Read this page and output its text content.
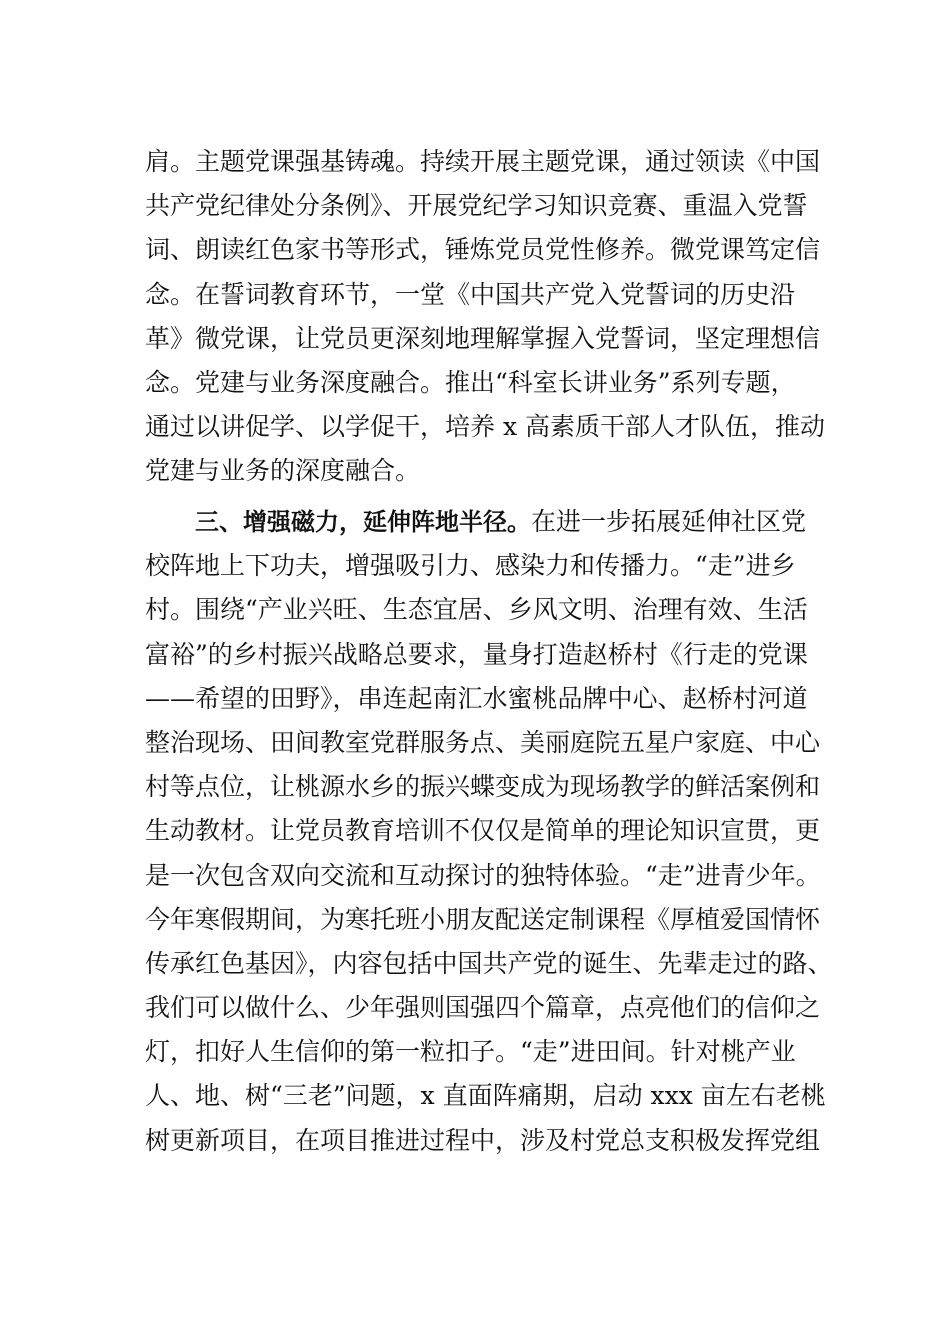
肩。主题党课强基铸魂。持续开展主题党课，通过领读《中国
共产党纪律处分条例》、开展党纪学习知识竞赛、重温入党誓
词、朗读红色家书等形式，锤炼党员党性修养。微党课笃定信
念。在誓词教育环节，一堂《中国共产党入党誓词的历史沿
革》微党课，让党员更深刻地理解掌握入党誓词，坚定理想信
念。党建与业务深度融合。推出“科室长讲业务”系列专题，
通过以讲促学、以学促干，培养 x 高素质干部人才队伍，推动
党建与业务的深度融合。

三、增强磁力，延伸阵地半径。在进一步拓展延伸社区党
校阵地上下功夫，增强吸引力、感染力和传播力。“走”进乡
村。围绕“产业兴旺、生态宜居、乡风文明、治理有效、生活
富裕”的乡村振兴战略总要求，量身打造赵桥村《行走的党课
——希望的田野》，串连起南汇水蜜桃品牌中心、赵桥村河道
整治现场、田间教室党群服务点、美丽庭院五星户家庭、中心
村等点位，让桃源水乡的振兴蝶变成为现场教学的鲜活案例和
生动教材。让党员教育培训不仅仅是简单的理论知识宣贯，更
是一次包含双向交流和互动探讨的独特体验。“走”进青少年。
今年寒假期间，为寒托班小朋友配送定制课程《厚植爱国情怀
传承红色基因》，内容包括中国共产党的诞生、先辈走过的路、
我们可以做什么、少年强则国强四个篇章，点亮他们的信仰之
灯，扣好人生信仰的第一粒扣子。“走”进田间。针对桃产业
人、地、树“三老”问题，x 直面阵痛期，启动 xxx 亩左右老桃
树更新项目，在项目推进过程中，涉及村党总支积极发挥党组
